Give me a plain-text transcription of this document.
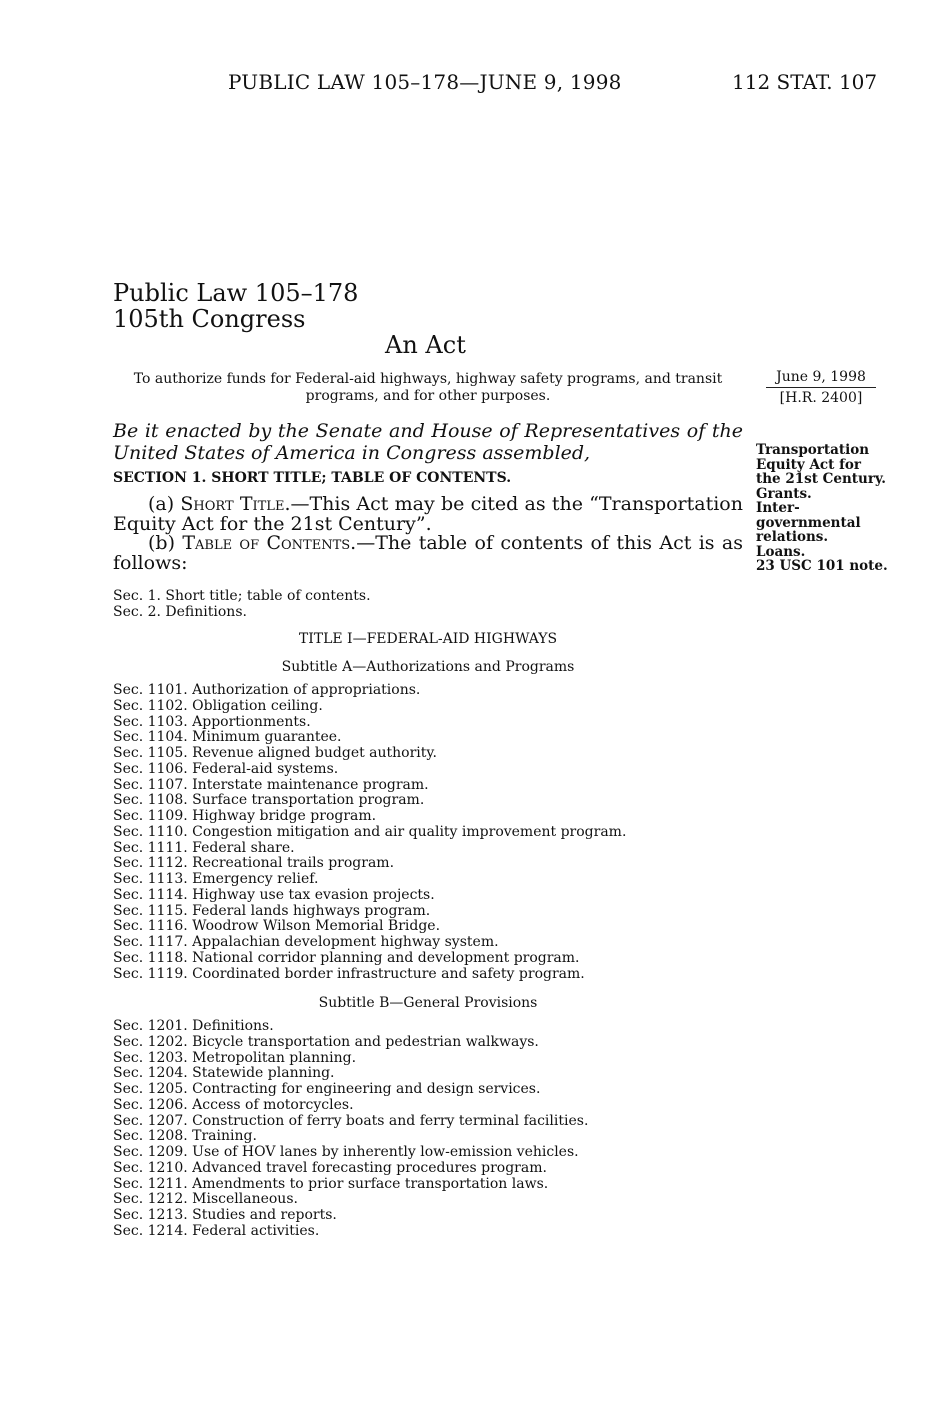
PUBLIC LAW 105–178—JUNE 9, 1998	112 STAT. 107
Public Law 105–178
105th Congress
An Act
To authorize funds for Federal-aid highways, highway safety programs, and transit
programs, and for other purposes.
June 9, 1998
[H.R. 2400]
Be it enacted by the Senate and House of Representatives of the United States of America in Congress assembled,	Transportation
Equity Act for
the 21st Century.
Grants.
Inter-
governmental
relations.
Loans.
23 USC 101 note.
SECTION 1. SHORT TITLE; TABLE OF CONTENTS.
(a) Short Title.—This Act may be cited as the “Transportation Equity Act for the 21st Century”.
(b) Table of Contents.—The table of contents of this Act is as follows:
Sec. 1. Short title; table of contents.
Sec. 2. Definitions.
TITLE I—FEDERAL-AID HIGHWAYS
Subtitle A—Authorizations and Programs
Sec. 1101. Authorization of appropriations.
Sec. 1102. Obligation ceiling.
Sec. 1103. Apportionments.
Sec. 1104. Minimum guarantee.
Sec. 1105. Revenue aligned budget authority.
Sec. 1106. Federal-aid systems.
Sec. 1107. Interstate maintenance program.
Sec. 1108. Surface transportation program.
Sec. 1109. Highway bridge program.
Sec. 1110. Congestion mitigation and air quality improvement program.
Sec. 1111. Federal share.
Sec. 1112. Recreational trails program.
Sec. 1113. Emergency relief.
Sec. 1114. Highway use tax evasion projects.
Sec. 1115. Federal lands highways program.
Sec. 1116. Woodrow Wilson Memorial Bridge.
Sec. 1117. Appalachian development highway system.
Sec. 1118. National corridor planning and development program.
Sec. 1119. Coordinated border infrastructure and safety program.
Subtitle B—General Provisions
Sec. 1201. Definitions.
Sec. 1202. Bicycle transportation and pedestrian walkways.
Sec. 1203. Metropolitan planning.
Sec. 1204. Statewide planning.
Sec. 1205. Contracting for engineering and design services.
Sec. 1206. Access of motorcycles.
Sec. 1207. Construction of ferry boats and ferry terminal facilities.
Sec. 1208. Training.
Sec. 1209. Use of HOV lanes by inherently low-emission vehicles.
Sec. 1210. Advanced travel forecasting procedures program.
Sec. 1211. Amendments to prior surface transportation laws.
Sec. 1212. Miscellaneous.
Sec. 1213. Studies and reports.
Sec. 1214. Federal activities.
